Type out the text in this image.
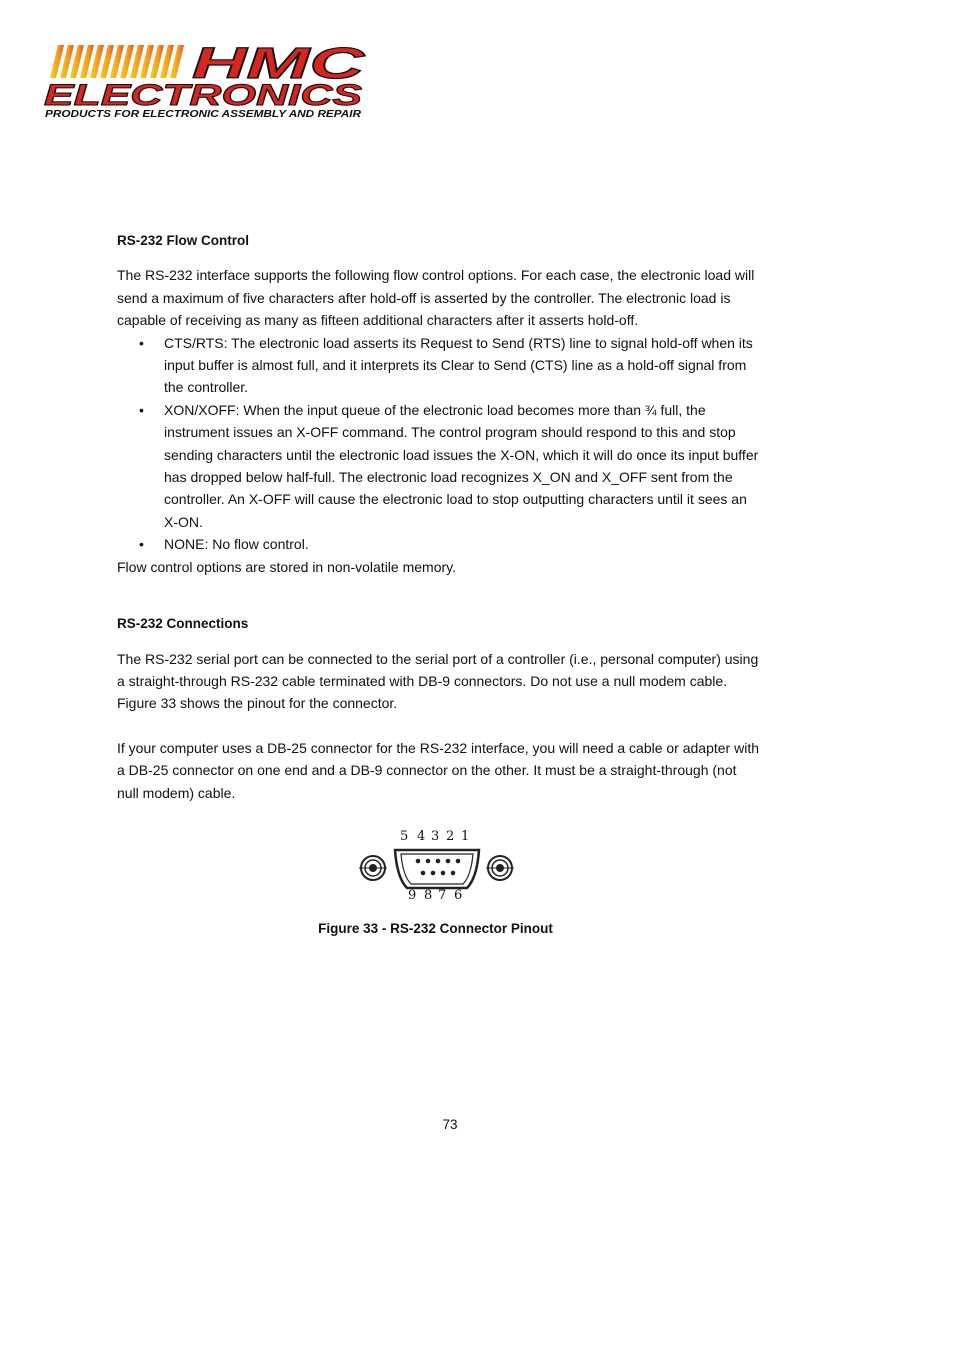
HMC
ELECTRONICS
PRODUCTS FOR ELECTRONIC ASSEMBLY AND REPAIR

RS-232 Flow Control

The RS-232 interface supports the following flow control options. For each case, the electronic load will send a maximum of five characters after hold-off is asserted by the controller. The electronic load is capable of receiving as many as fifteen additional characters after it asserts hold-off.

• CTS/RTS: The electronic load asserts its Request to Send (RTS) line to signal hold-off when its input buffer is almost full, and it interprets its Clear to Send (CTS) line as a hold-off signal from the controller.
• XON/XOFF: When the input queue of the electronic load becomes more than ¾ full, the instrument issues an X-OFF command. The control program should respond to this and stop sending characters until the electronic load issues the X-ON, which it will do once its input buffer has dropped below half-full. The electronic load recognizes X_ON and X_OFF sent from the controller. An X-OFF will cause the electronic load to stop outputting characters until it sees an X-ON.
• NONE: No flow control.

Flow control options are stored in non-volatile memory.

RS-232 Connections

The RS-232 serial port can be connected to the serial port of a controller (i.e., personal computer) using a straight-through RS-232 cable terminated with DB-9 connectors. Do not use a null modem cable. Figure 33 shows the pinout for the connector.

If your computer uses a DB-25 connector for the RS-232 interface, you will need a cable or adapter with a DB-25 connector on one end and a DB-9 connector on the other. It must be a straight-through (not null modem) cable.

5 4 3 2 1
9 8 7 6
Figure 33 - RS-232 Connector Pinout
73
